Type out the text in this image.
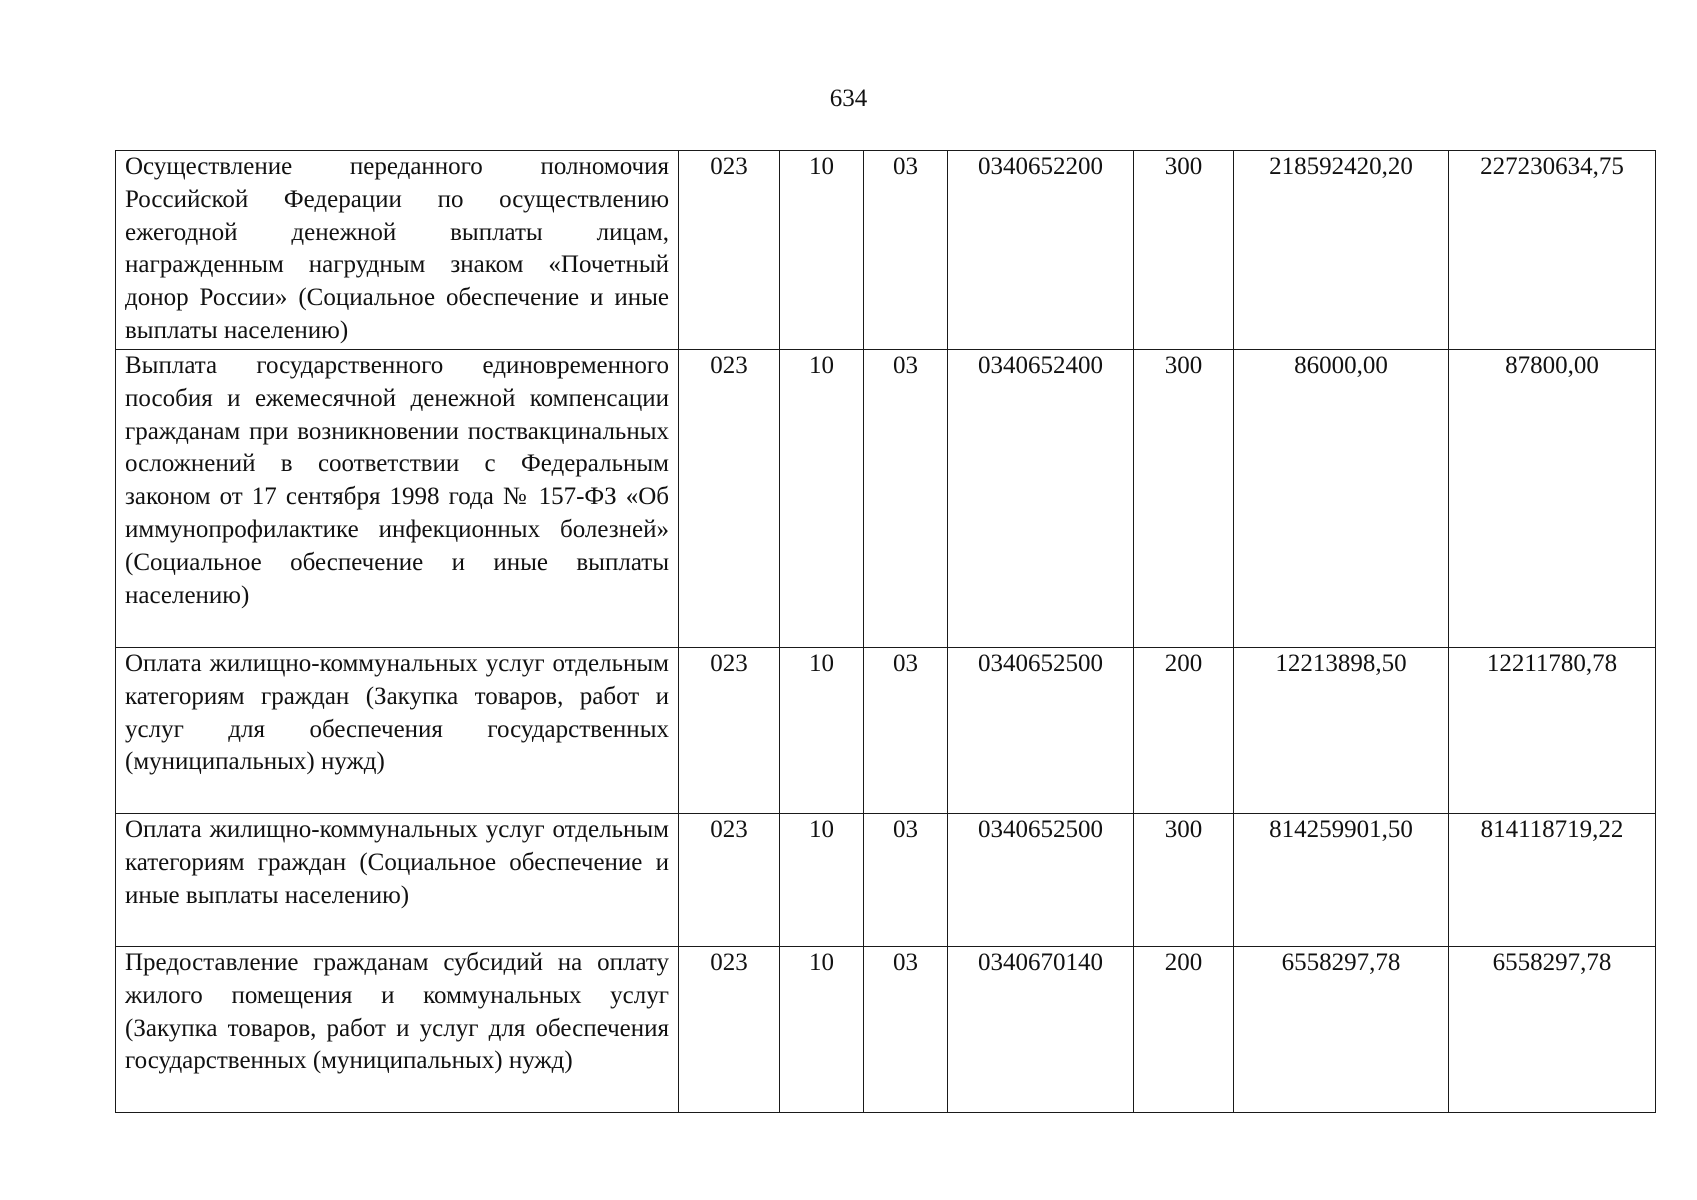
634
Осуществление переданного полномочия Российской Федерации по осуществлению ежегодной денежной выплаты лицам, награжденным нагрудным знаком «Почетный донор России» (Социальное обеспечение и иные выплаты населению)	023	10	03	0340652200	300	218592420,20	227230634,75
Выплата государственного единовременного пособия и ежемесячной денежной компенсации гражданам при возникновении поствакцинальных осложнений в соответствии с Федеральным законом от 17 сентября 1998 года № 157-ФЗ «Об иммунопрофилактике инфекционных болезней» (Социальное обеспечение и иные выплаты населению)	023	10	03	0340652400	300	86000,00	87800,00
Оплата жилищно-коммунальных услуг отдельным категориям граждан (Закупка товаров, работ и услуг для обеспечения государственных (муниципальных) нужд)	023	10	03	0340652500	200	12213898,50	12211780,78
Оплата жилищно-коммунальных услуг отдельным категориям граждан (Социальное обеспечение и иные выплаты населению)	023	10	03	0340652500	300	814259901,50	814118719,22
Предоставление гражданам субсидий на оплату жилого помещения и коммунальных услуг (Закупка товаров, работ и услуг для обеспечения государственных (муниципальных) нужд)	023	10	03	0340670140	200	6558297,78	6558297,78
